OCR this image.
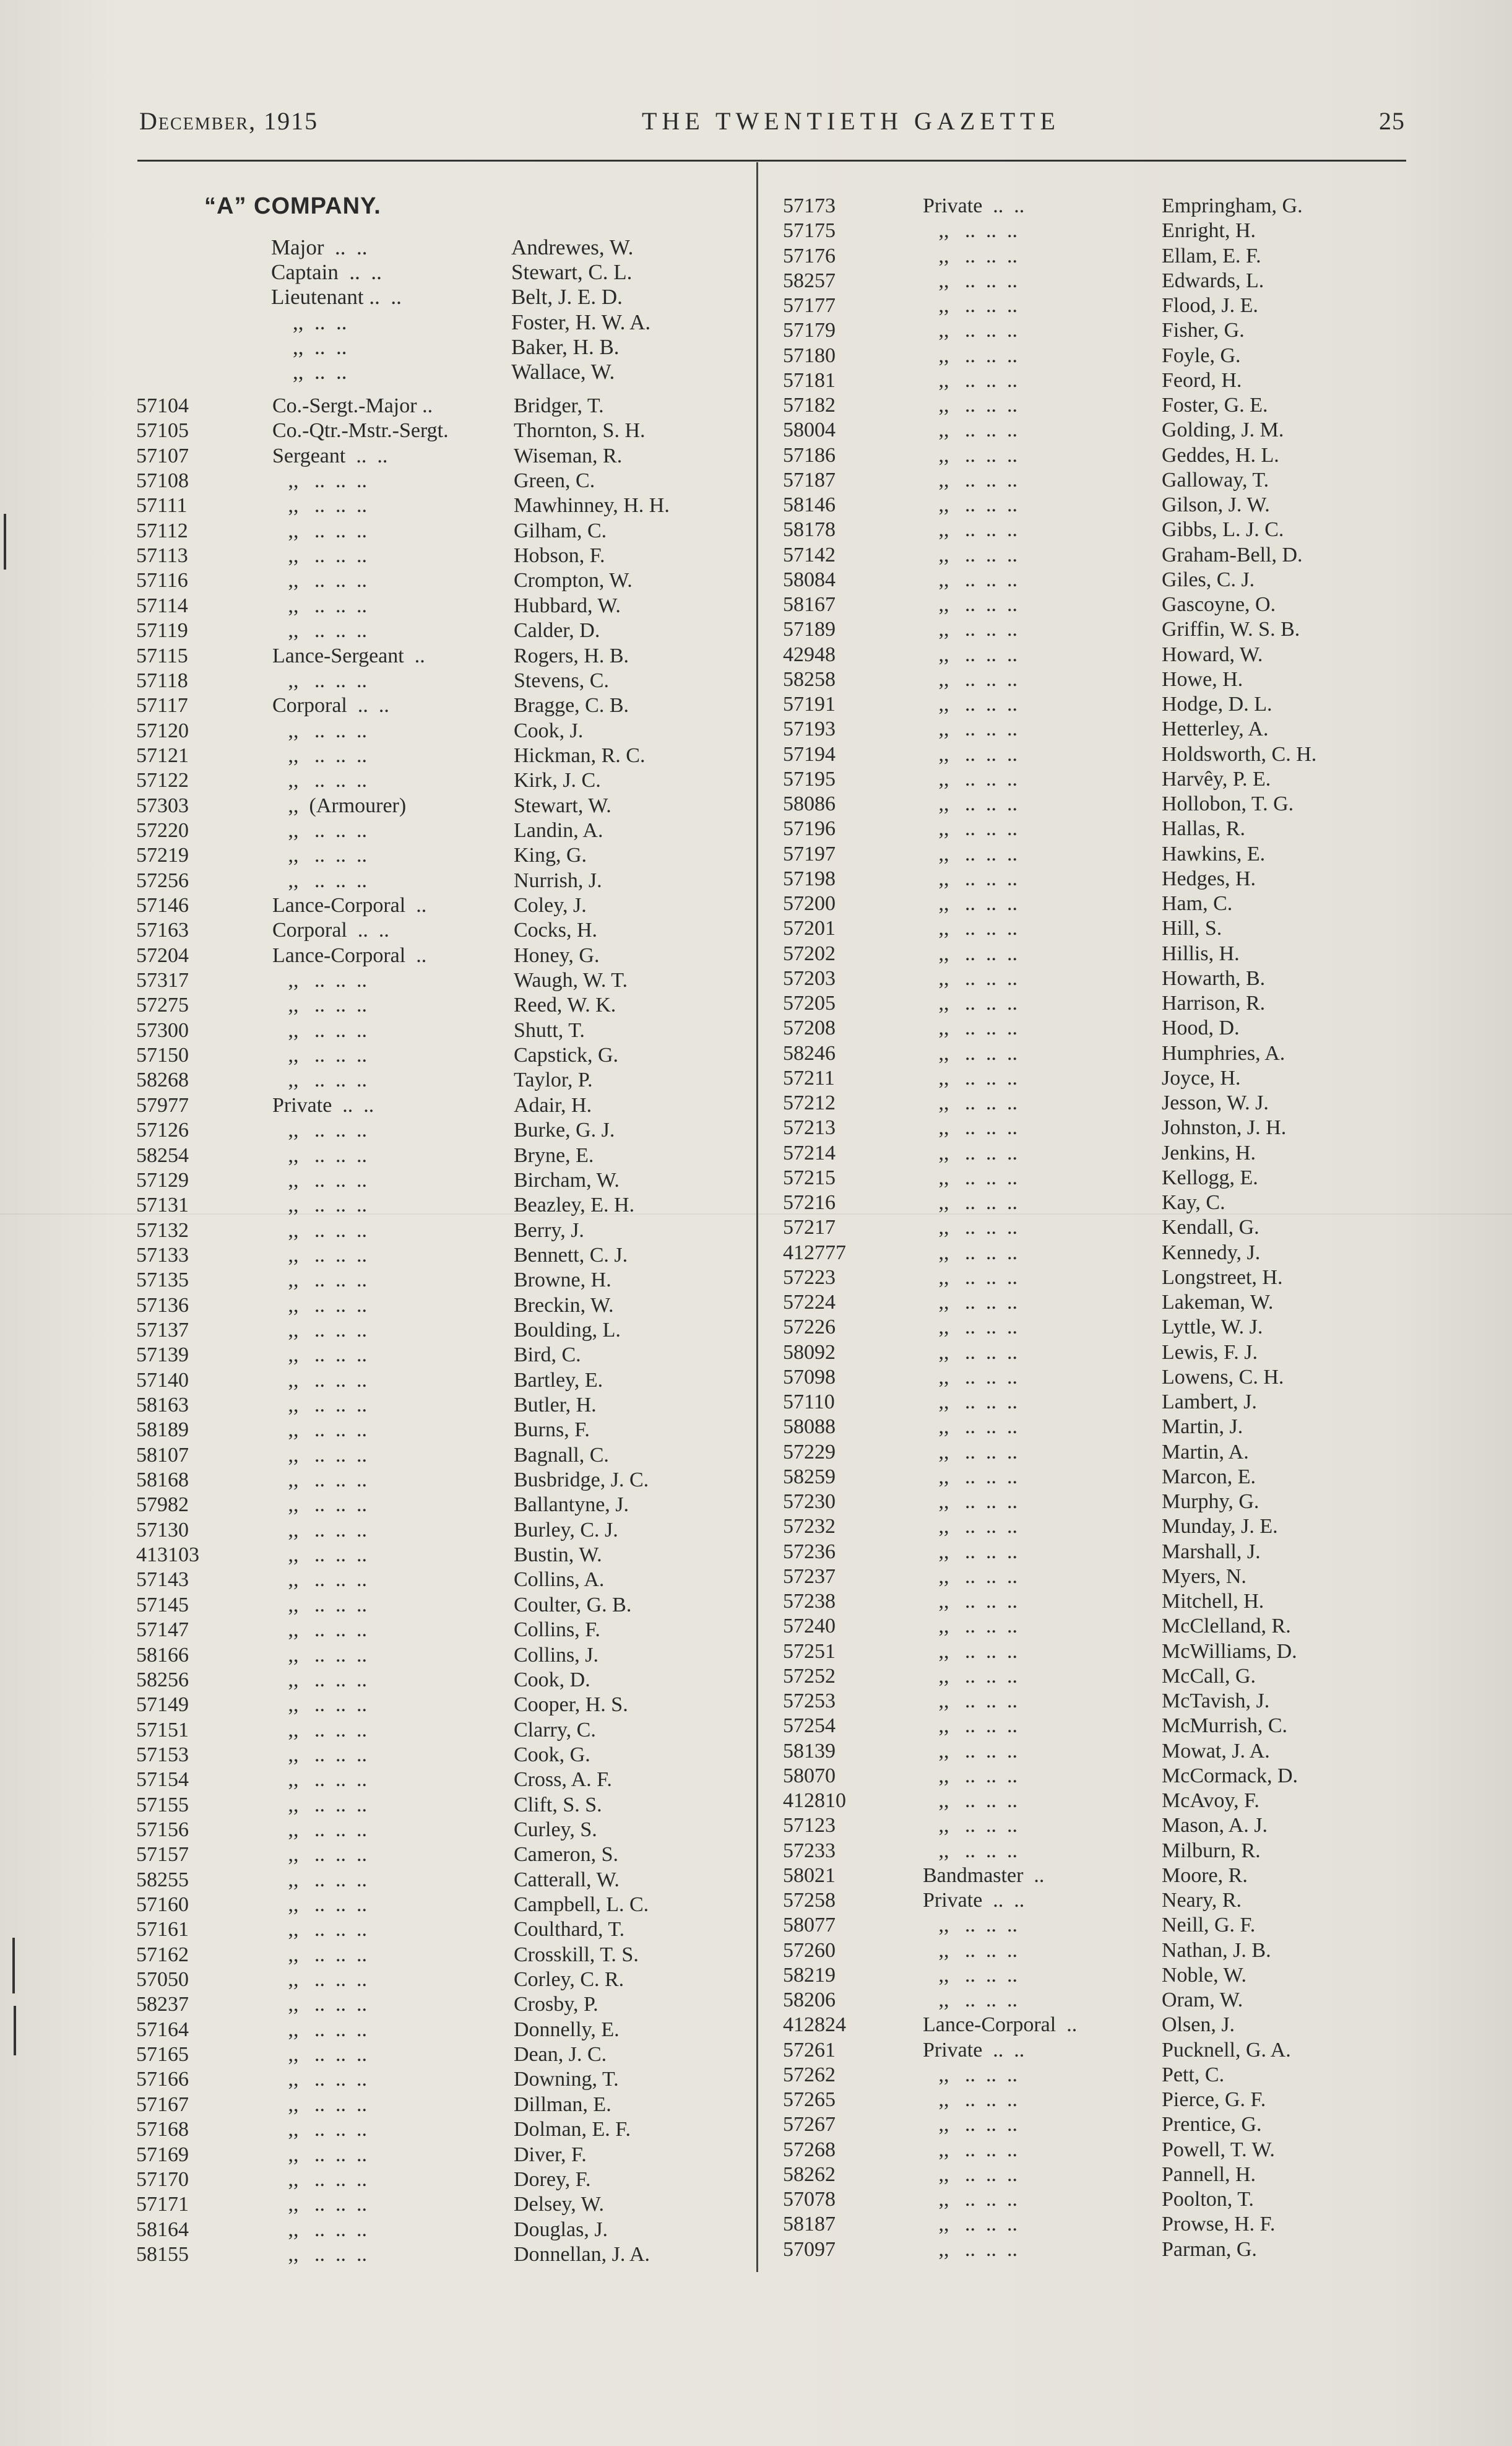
December, 1915	THE TWENTIETH GAZETTE	25
“A” COMPANY.
Major  ..  ..	Andrewes, W.
Captain  ..  ..	Stewart, C. L.
Lieutenant ..  ..	Belt, J. E. D.
,,  ..  ..	Foster, H. W. A.
,,  ..  ..	Baker, H. B.
,,  ..  ..	Wallace, W.
57104	Co.-Sergt.-Major ..	Bridger, T.
57105	Co.-Qtr.-Mstr.-Sergt.	Thornton, S. H.
57107	Sergeant  ..  ..	Wiseman, R.
57108	,,   ..  ..  ..	Green, C.
57111	,,   ..  ..  ..	Mawhinney, H. H.
57112	,,   ..  ..  ..	Gilham, C.
57113	,,   ..  ..  ..	Hobson, F.
57116	,,   ..  ..  ..	Crompton, W.
57114	,,   ..  ..  ..	Hubbard, W.
57119	,,   ..  ..  ..	Calder, D.
57115	Lance-Sergeant  ..	Rogers, H. B.
57118	,,   ..  ..  ..	Stevens, C.
57117	Corporal  ..  ..	Bragge, C. B.
57120	,,   ..  ..  ..	Cook, J.
57121	,,   ..  ..  ..	Hickman, R. C.
57122	,,   ..  ..  ..	Kirk, J. C.
57303	,,  (Armourer)	Stewart, W.
57220	,,   ..  ..  ..	Landin, A.
57219	,,   ..  ..  ..	King, G.
57256	,,   ..  ..  ..	Nurrish, J.
57146	Lance-Corporal  ..	Coley, J.
57163	Corporal  ..  ..	Cocks, H.
57204	Lance-Corporal  ..	Honey, G.
57317	,,   ..  ..  ..	Waugh, W. T.
57275	,,   ..  ..  ..	Reed, W. K.
57300	,,   ..  ..  ..	Shutt, T.
57150	,,   ..  ..  ..	Capstick, G.
58268	,,   ..  ..  ..	Taylor, P.
57977	Private  ..  ..	Adair, H.
57126	,,   ..  ..  ..	Burke, G. J.
58254	,,   ..  ..  ..	Bryne, E.
57129	,,   ..  ..  ..	Bircham, W.
57131	,,   ..  ..  ..	Beazley, E. H.
57132	,,   ..  ..  ..	Berry, J.
57133	,,   ..  ..  ..	Bennett, C. J.
57135	,,   ..  ..  ..	Browne, H.
57136	,,   ..  ..  ..	Breckin, W.
57137	,,   ..  ..  ..	Boulding, L.
57139	,,   ..  ..  ..	Bird, C.
57140	,,   ..  ..  ..	Bartley, E.
58163	,,   ..  ..  ..	Butler, H.
58189	,,   ..  ..  ..	Burns, F.
58107	,,   ..  ..  ..	Bagnall, C.
58168	,,   ..  ..  ..	Busbridge, J. C.
57982	,,   ..  ..  ..	Ballantyne, J.
57130	,,   ..  ..  ..	Burley, C. J.
413103	,,   ..  ..  ..	Bustin, W.
57143	,,   ..  ..  ..	Collins, A.
57145	,,   ..  ..  ..	Coulter, G. B.
57147	,,   ..  ..  ..	Collins, F.
58166	,,   ..  ..  ..	Collins, J.
58256	,,   ..  ..  ..	Cook, D.
57149	,,   ..  ..  ..	Cooper, H. S.
57151	,,   ..  ..  ..	Clarry, C.
57153	,,   ..  ..  ..	Cook, G.
57154	,,   ..  ..  ..	Cross, A. F.
57155	,,   ..  ..  ..	Clift, S. S.
57156	,,   ..  ..  ..	Curley, S.
57157	,,   ..  ..  ..	Cameron, S.
58255	,,   ..  ..  ..	Catterall, W.
57160	,,   ..  ..  ..	Campbell, L. C.
57161	,,   ..  ..  ..	Coulthard, T.
57162	,,   ..  ..  ..	Crosskill, T. S.
57050	,,   ..  ..  ..	Corley, C. R.
58237	,,   ..  ..  ..	Crosby, P.
57164	,,   ..  ..  ..	Donnelly, E.
57165	,,   ..  ..  ..	Dean, J. C.
57166	,,   ..  ..  ..	Downing, T.
57167	,,   ..  ..  ..	Dillman, E.
57168	,,   ..  ..  ..	Dolman, E. F.
57169	,,   ..  ..  ..	Diver, F.
57170	,,   ..  ..  ..	Dorey, F.
57171	,,   ..  ..  ..	Delsey, W.
58164	,,   ..  ..  ..	Douglas, J.
58155	,,   ..  ..  ..	Donnellan, J. A.
57173	Private  ..  ..	Empringham, G.
57175	,,   ..  ..  ..	Enright, H.
57176	,,   ..  ..  ..	Ellam, E. F.
58257	,,   ..  ..  ..	Edwards, L.
57177	,,   ..  ..  ..	Flood, J. E.
57179	,,   ..  ..  ..	Fisher, G.
57180	,,   ..  ..  ..	Foyle, G.
57181	,,   ..  ..  ..	Feord, H.
57182	,,   ..  ..  ..	Foster, G. E.
58004	,,   ..  ..  ..	Golding, J. M.
57186	,,   ..  ..  ..	Geddes, H. L.
57187	,,   ..  ..  ..	Galloway, T.
58146	,,   ..  ..  ..	Gilson, J. W.
58178	,,   ..  ..  ..	Gibbs, L. J. C.
57142	,,   ..  ..  ..	Graham-Bell, D.
58084	,,   ..  ..  ..	Giles, C. J.
58167	,,   ..  ..  ..	Gascoyne, O.
57189	,,   ..  ..  ..	Griffin, W. S. B.
42948	,,   ..  ..  ..	Howard, W.
58258	,,   ..  ..  ..	Howe, H.
57191	,,   ..  ..  ..	Hodge, D. L.
57193	,,   ..  ..  ..	Hetterley, A.
57194	,,   ..  ..  ..	Holdsworth, C. H.
57195	,,   ..  ..  ..	Harvêy, P. E.
58086	,,   ..  ..  ..	Hollobon, T. G.
57196	,,   ..  ..  ..	Hallas, R.
57197	,,   ..  ..  ..	Hawkins, E.
57198	,,   ..  ..  ..	Hedges, H.
57200	,,   ..  ..  ..	Ham, C.
57201	,,   ..  ..  ..	Hill, S.
57202	,,   ..  ..  ..	Hillis, H.
57203	,,   ..  ..  ..	Howarth, B.
57205	,,   ..  ..  ..	Harrison, R.
57208	,,   ..  ..  ..	Hood, D.
58246	,,   ..  ..  ..	Humphries, A.
57211	,,   ..  ..  ..	Joyce, H.
57212	,,   ..  ..  ..	Jesson, W. J.
57213	,,   ..  ..  ..	Johnston, J. H.
57214	,,   ..  ..  ..	Jenkins, H.
57215	,,   ..  ..  ..	Kellogg, E.
57216	,,   ..  ..  ..	Kay, C.
57217	,,   ..  ..  ..	Kendall, G.
412777	,,   ..  ..  ..	Kennedy, J.
57223	,,   ..  ..  ..	Longstreet, H.
57224	,,   ..  ..  ..	Lakeman, W.
57226	,,   ..  ..  ..	Lyttle, W. J.
58092	,,   ..  ..  ..	Lewis, F. J.
57098	,,   ..  ..  ..	Lowens, C. H.
57110	,,   ..  ..  ..	Lambert, J.
58088	,,   ..  ..  ..	Martin, J.
57229	,,   ..  ..  ..	Martin, A.
58259	,,   ..  ..  ..	Marcon, E.
57230	,,   ..  ..  ..	Murphy, G.
57232	,,   ..  ..  ..	Munday, J. E.
57236	,,   ..  ..  ..	Marshall, J.
57237	,,   ..  ..  ..	Myers, N.
57238	,,   ..  ..  ..	Mitchell, H.
57240	,,   ..  ..  ..	McClelland, R.
57251	,,   ..  ..  ..	McWilliams, D.
57252	,,   ..  ..  ..	McCall, G.
57253	,,   ..  ..  ..	McTavish, J.
57254	,,   ..  ..  ..	McMurrish, C.
58139	,,   ..  ..  ..	Mowat, J. A.
58070	,,   ..  ..  ..	McCormack, D.
412810	,,   ..  ..  ..	McAvoy, F.
57123	,,   ..  ..  ..	Mason, A. J.
57233	,,   ..  ..  ..	Milburn, R.
58021	Bandmaster  ..	Moore, R.
57258	Private  ..  ..	Neary, R.
58077	,,   ..  ..  ..	Neill, G. F.
57260	,,   ..  ..  ..	Nathan, J. B.
58219	,,   ..  ..  ..	Noble, W.
58206	,,   ..  ..  ..	Oram, W.
412824	Lance-Corporal  ..	Olsen, J.
57261	Private  ..  ..	Pucknell, G. A.
57262	,,   ..  ..  ..	Pett, C.
57265	,,   ..  ..  ..	Pierce, G. F.
57267	,,   ..  ..  ..	Prentice, G.
57268	,,   ..  ..  ..	Powell, T. W.
58262	,,   ..  ..  ..	Pannell, H.
57078	,,   ..  ..  ..	Poolton, T.
58187	,,   ..  ..  ..	Prowse, H. F.
57097	,,   ..  ..  ..	Parman, G.
